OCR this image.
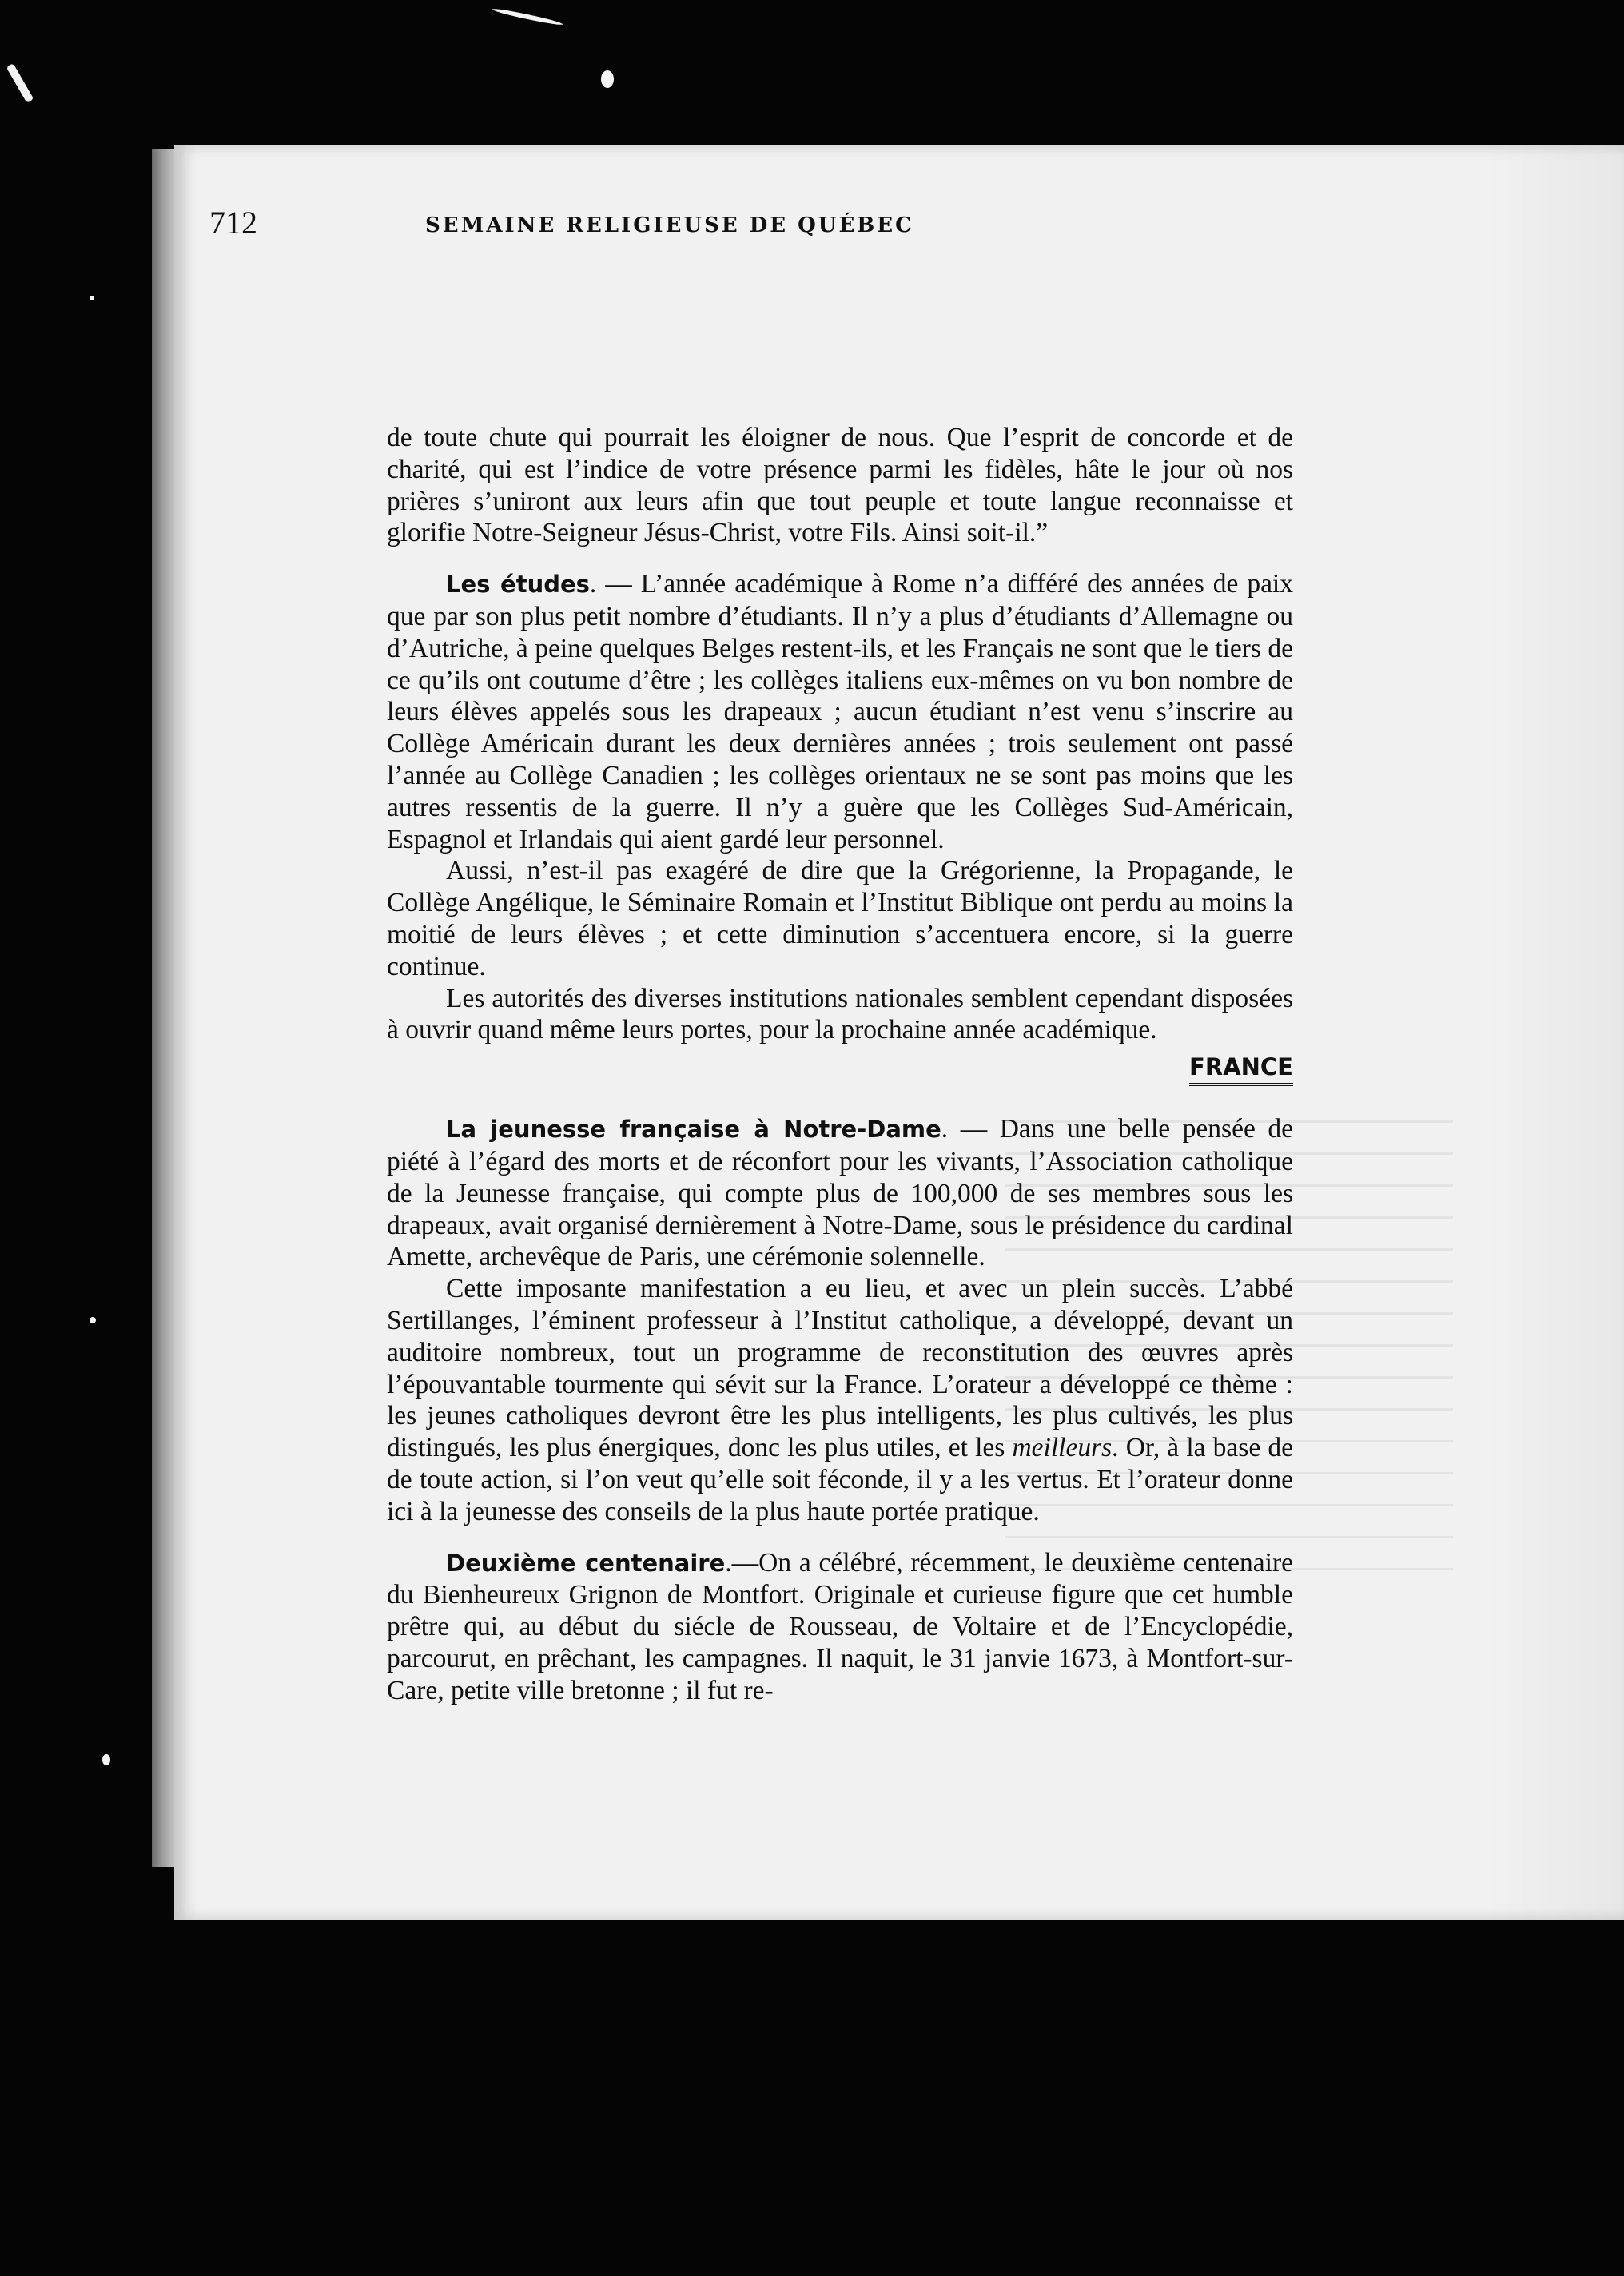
712	SEMAINE RELIGIEUSE DE QUÉBEC

de toute chute qui pourrait les éloigner de nous. Que l’esprit de concorde et de charité, qui est l’indice de votre présence parmi les fidèles, hâte le jour où nos prières s’uniront aux leurs afin que tout peuple et toute langue reconnaisse et glorifie Notre-Seigneur Jésus-Christ, votre Fils. Ainsi soit-il.”

Les études. — L’année académique à Rome n’a différé des années de paix que par son plus petit nombre d’étudiants. Il n’y a plus d’étudiants d’Allemagne ou d’Autriche, à peine quelques Belges restent-ils, et les Français ne sont que le tiers de ce qu’ils ont coutume d’être ; les collèges italiens eux-mêmes on vu bon nombre de leurs élèves appelés sous les drapeaux ; aucun étudiant n’est venu s’inscrire au Collège Américain durant les deux dernières années ; trois seulement ont passé l’année au Collège Canadien ; les collèges orientaux ne se sont pas moins que les autres ressentis de la guerre. Il n’y a guère que les Collèges Sud-Américain, Espagnol et Irlandais qui aient gardé leur personnel.

Aussi, n’est-il pas exagéré de dire que la Grégorienne, la Propagande, le Collège Angélique, le Séminaire Romain et l’Institut Biblique ont perdu au moins la moitié de leurs élèves ; et cette diminution s’accentuera encore, si la guerre continue.

Les autorités des diverses institutions nationales semblent cependant disposées à ouvrir quand même leurs portes, pour la prochaine année académique.

FRANCE

La jeunesse française à Notre-Dame. — Dans une belle pensée de piété à l’égard des morts et de réconfort pour les vivants, l’Association catholique de la Jeunesse française, qui compte plus de 100,000 de ses membres sous les drapeaux, avait organisé dernièrement à Notre-Dame, sous le présidence du cardinal Amette, archevêque de Paris, une cérémonie solennelle.

Cette imposante manifestation a eu lieu, et avec un plein succès. L’abbé Sertillanges, l’éminent professeur à l’Institut catholique, a développé, devant un auditoire nombreux, tout un programme de reconstitution des œuvres après l’épouvantable tourmente qui sévit sur la France. L’orateur a développé ce thème : les jeunes catholiques devront être les plus intelligents, les plus cultivés, les plus distingués, les plus énergiques, donc les plus utiles, et les meilleurs. Or, à la base de de toute action, si l’on veut qu’elle soit féconde, il y a les vertus. Et l’orateur donne ici à la jeunesse des conseils de la plus haute portée pratique.

Deuxième centenaire.—On a célébré, récemment, le deuxième centenaire du Bienheureux Grignon de Montfort. Originale et curieuse figure que cet humble prêtre qui, au début du siécle de Rousseau, de Voltaire et de l’Encyclopédie, parcourut, en prêchant, les campagnes. Il naquit, le 31 janvie 1673, à Montfort-sur-Care, petite ville bretonne ; il fut re-
